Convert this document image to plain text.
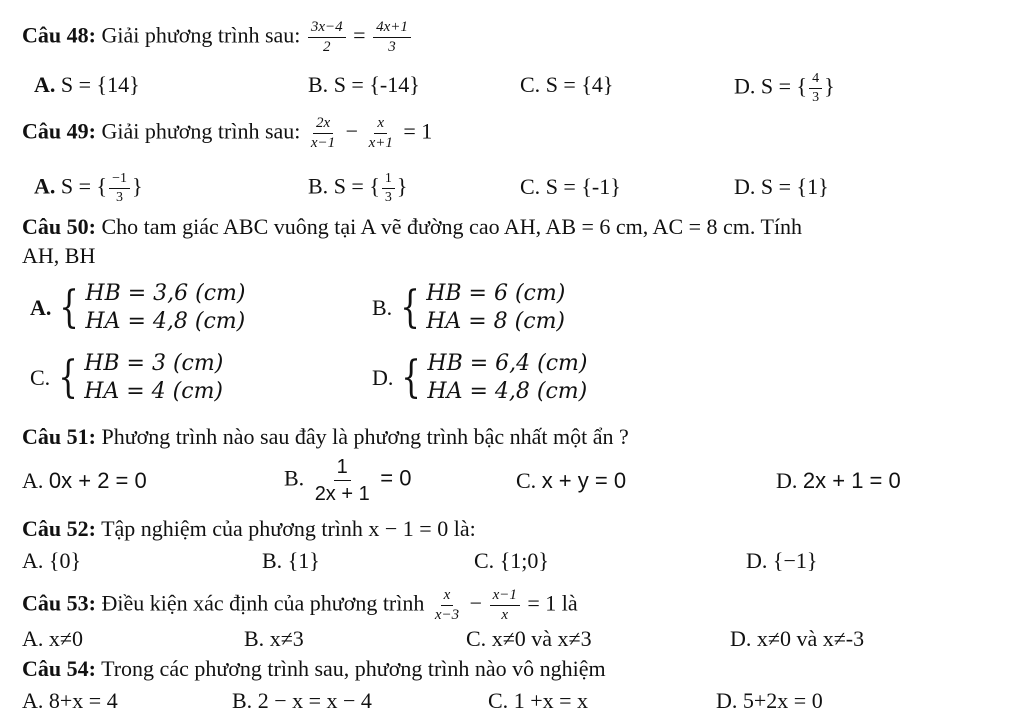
Câu 48: Giải phương trình sau: $\frac{3x-4}{2} = \frac{4x+1}{3}$
A. S = {14}	B. S = {-14}	C. S = {4}	D. S = { $\frac{4}{3}$ }
Câu 49: Giải phương trình sau: $\frac{2x}{x-1} - \frac{x}{x+1} = 1$
A. S = { $\frac{-1}{3}$ }	B. S = { $\frac{1}{3}$ }	C. S = {-1}	D. S = {1}
Câu 50: Cho tam giác ABC vuông tại A vẽ đường cao AH, AB = 6 cm, AC = 8 cm. Tính
AH, BH
A. { HB = 3,6 (cm)
HA = 4,8 (cm)
B. { HB = 6 (cm)
HA = 8 (cm)
C. { HB = 3 (cm)
HA = 4 (cm)
D. { HB = 6,4 (cm)
HA = 4,8 (cm)
Câu 51: Phương trình nào sau đây là phương trình bậc nhất một ẩn ?
A. 0x + 2 = 0	B. $\frac{1}{2x + 1} = 0$	C. x + y = 0	D. 2x + 1 = 0
Câu 52: Tập nghiệm của phương trình x − 1 = 0 là:
A. {0}	B. {1}	C. {1;0}	D. {−1}
Câu 53: Điều kiện xác định của phương trình $\frac{x}{x-3} - \frac{x-1}{x} = 1$ là
A. x≠0	B. x≠3	C. x≠0 và x≠3	D. x≠0 và x≠-3
Câu 54: Trong các phương trình sau, phương trình nào vô nghiệm
A. 8+x = 4	B. 2 − x = x − 4	C. 1 +x = x	D. 5+2x = 0
